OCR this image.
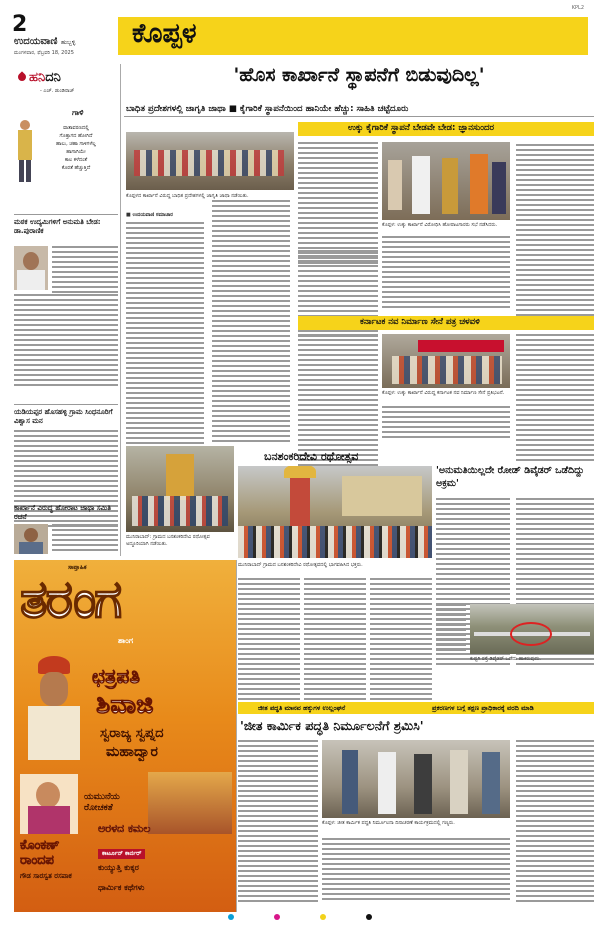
2
ಉದಯವಾಣಿ ಹುಬ್ಬಳ್ಳಿ
ಮಂಗಳವಾರ, ಫೆಬ್ರವರಿ 18, 2025
ಕೊಪ್ಪಳ
KPL2
ಹನಿದನಿ
- ಎಚ್. ಡುಂಡಿರಾಜ್
ಗಾಳಿ
ವಾತಾವರಣದಲ್ಲಿ
ಗೊತ್ತಾಗದ ಹೋಗಿದೆ
ಹಾಲು, ಚಹಾ ಗಾಳಿಗಳೆಲ್ಲ
ಹಾಗಾಗಿಯೇ
ಕಾಲ ಕಳೆದಂತೆ
ಕೊರತೆ ಹೆಚ್ಚುತ್ತಿದೆ
ಮಠಕ ಉದ್ಯಮಿಗಳಿಗೆ ಅನುಮತಿ ಬೇಡ: ಡಾ.ಪುರಾಣಿಕ
ಯಡಿಯಪ್ಪರ ಹೊಸಹಳ್ಳಿ ಗ್ರಾಮ ಸಿಂಧನೂರಿಗೆ ವಿಶ್ವಾಸ ಮನ
ಕಾರ್ಖಾನೆ ವಿರುದ್ಧ ಹೋರಾಟ ಜಾಥಾ ಸಮಿತಿ ರಚನೆ
'ಹೊಸ ಕಾರ್ಖಾನೆ ಸ್ಥಾಪನೆಗೆ ಬಿಡುವುದಿಲ್ಲ'
ಬಾಧಿತ ಪ್ರದೇಶಗಳಲ್ಲಿ ಜಾಗೃತಿ ಜಾಥಾ ■ ಕೈಗಾರಿಕೆ ಸ್ಥಾಪನೆಯಿಂದ ಹಾನಿಯೇ ಹೆಚ್ಚು: ಸಾಹಿತಿ ಚಟ್ಟೆದೂರು
ಕೊಪ್ಪಳದ ಕಾರ್ಖಾನೆ ವಿರುದ್ಧ ಬಾಧಿತ ಪ್ರದೇಶಗಳಲ್ಲಿ ಜಾಗೃತಿ ಜಾಥಾ ನಡೆಯಿತು.
■ ಉದಯವಾಣಿ ಸಮಾಚಾರ
ಉಕ್ಕು ಕೈಗಾರಿಕೆ ಸ್ಥಾಪನೆ ಬೇಡವೇ ಬೇಡ: ಜ್ಞಾನಸುಂದರ
ಕೊಪ್ಪಳ: ಉಕ್ಕು ಕಾರ್ಖಾನೆ ವಿರೋಧಿಸಿ ಹೋರಾಟಗಾರರು ಸಭೆ ನಡೆಸಿದರು.
ಕರ್ನಾಟಕ ನವ ನಿರ್ಮಾಣ ಸೇನೆ ಪತ್ರ ಚಳವಳಿ
ಕೊಪ್ಪಳ: ಉಕ್ಕು ಕಾರ್ಖಾನೆ ವಿರುದ್ಧ ಕರ್ನಾಟಕ ನವ ನಿರ್ಮಾಣ ಸೇನೆ ಪ್ರತಿಭಟನೆ.
ಮುನಿರಾಬಾದ್: ಗ್ರಾಮದ ಬನಶಂಕರಿದೇವಿ ರಥೋತ್ಸವ ಅದ್ದೂರಿಯಾಗಿ ನಡೆಯಿತು.
ಬನಶಂಕರಿದೇವಿ ರಥೋತ್ಸವ
ಮುನಿರಾಬಾದ್ ಗ್ರಾಮದ ಬನಶಂಕರಿದೇವಿ ರಥೋತ್ಸವದಲ್ಲಿ ಭಾಗವಹಿಸಿದ ಭಕ್ತರು.
'ಅನುಮತಿಯಿಲ್ಲದೇ ರೋಡ್ ಡಿವೈಡರ್ ಒಡೆದಿದ್ದು ಅಕ್ರಮ'
ಕುಷ್ಟಗಿ ರಸ್ತೆ ಡಿವೈಡರ್ ಒಡೆದು ಹಾಕಿರುವುದು.
ಸಾಪ್ತಾಹಿಕ
ತರಂಗ
ಶಾಂಗ
ಛತ್ರಪತಿ
ಶಿವಾಜಿ
ಸ್ವರಾಜ್ಯ ಸ್ವಪ್ನದ
ಮಹಾದ್ವಾರ
ಯಮುನೆಯ ರೋಚಕತೆ
ಅರಳದ ಕಮಲ
ಕೊಂಕಣ್ ರಾಂದಪ
ಗೌಡ ಸಾರಸ್ವತ ರಸಪಾಕ
ಕಾರ್ಟೂನ್ ಕಾರ್ನರ್
ಕುಯ್ಯುತ್ತಿ ಕುಕ್ಕರ
ಧಾರ್ಮಿಕ ಕಥೆಗಳು
ಜೀತ ಪದ್ಧತಿ ಮಾನವ ಹಕ್ಕುಗಳ ಉಲ್ಲಂಘನೆ	ಪ್ರಕರಣಗಳ ಬಗ್ಗೆ ತಕ್ಷಣ ಪ್ರಾಧಿಕಾರಕ್ಕೆ ವರದಿ ಮಾಡಿ
'ಜೀತ ಕಾರ್ಮಿಕ ಪದ್ಧತಿ ನಿರ್ಮೂಲನೆಗೆ ಶ್ರಮಿಸಿ'
ಕೊಪ್ಪಳ: ಜೀತ ಕಾರ್ಮಿಕ ಪದ್ಧತಿ ನಿರ್ಮೂಲನಾ ದಿನಾಚರಣೆ ಕಾರ್ಯಕ್ರಮದಲ್ಲಿ ಗಣ್ಯರು.
